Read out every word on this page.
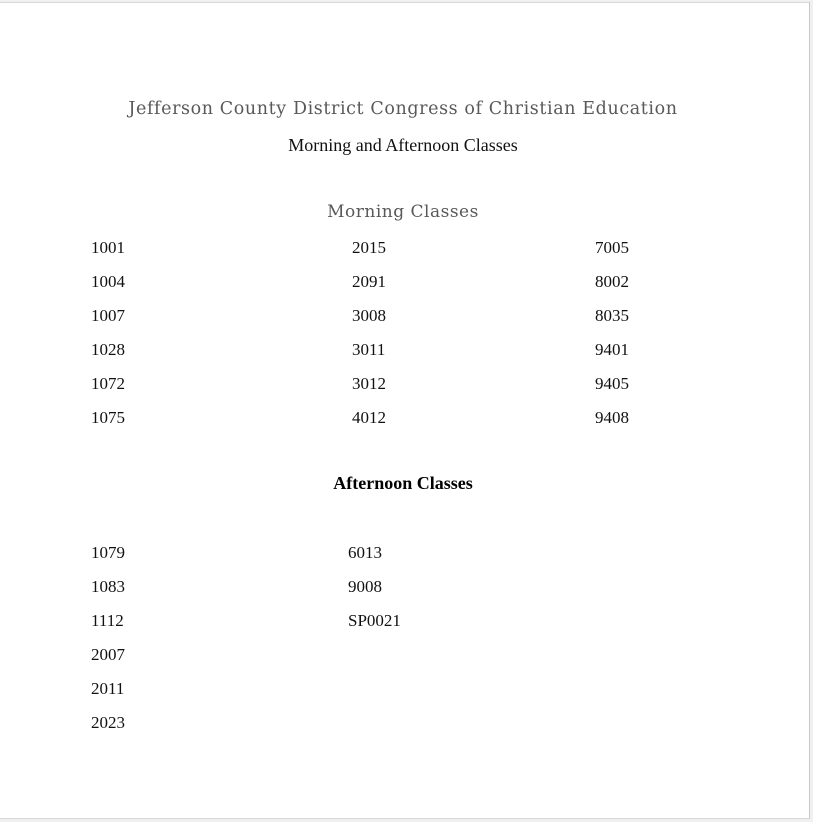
Jefferson County District Congress of Christian Education
Morning and Afternoon Classes
Morning Classes
1001
1004
1007
1028
1072
1075
2015
2091
3008
3011
3012
4012
7005
8002
8035
9401
9405
9408
Afternoon Classes
1079
1083
1112
2007
2011
2023
6013
9008
SP0021
